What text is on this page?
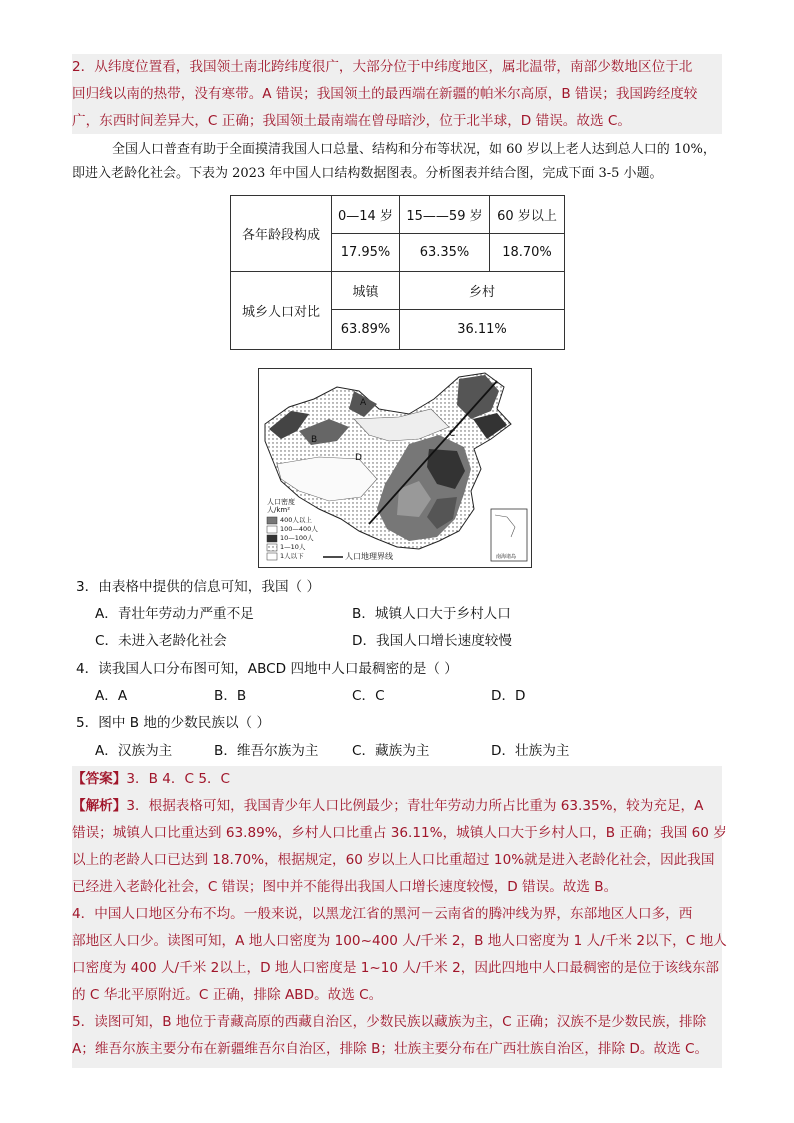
2．从纬度位置看，我国领土南北跨纬度很广，大部分位于中纬度地区，属北温带，南部少数地区位于北
回归线以南的热带，没有寒带。A 错误；我国领土的最西端在新疆的帕米尔高原，B 错误；我国跨经度较
广，东西时间差异大，C 正确；我国领土最南端在曾母暗沙，位于北半球，D 错误。故选 C。
全国人口普查有助于全面摸清我国人口总量、结构和分布等状况，如 60 岁以上老人达到总人口的 10%，
即进入老龄化社会。下表为 2023 年中国人口结构数据图表。分析图表并结合图，完成下面 3-5 小题。
各年龄段构成	0—14 岁	15——59 岁	60 岁以上
	17.95%	63.35%	18.70%
城乡人口对比	城镇	乡村	
	63.89%	36.11%	
A
B
C
D
人口密度
人/km²
400人以上
100—400人
10—100人
1—10人
1人以下	人口地理界线	南海诸岛
3．由表格中提供的信息可知，我国（ ）
A．青壮年劳动力严重不足	B．城镇人口大于乡村人口
C．未进入老龄化社会	D．我国人口增长速度较慢
4．读我国人口分布图可知，ABCD 四地中人口最稠密的是（ ）
A．A	B．B	C．C	D．D
5．图中 B 地的少数民族以（ ）
A．汉族为主	B．维吾尔族为主 C．藏族为主	D．壮族为主
【答案】3．B 4．C 5．C
【解析】3．根据表格可知，我国青少年人口比例最少；青壮年劳动力所占比重为 63.35%，较为充足，A
错误；城镇人口比重达到 63.89%，乡村人口比重占 36.11%，城镇人口大于乡村人口，B 正确；我国 60 岁
以上的老龄人口已达到 18.70%，根据规定，60 岁以上人口比重超过 10%就是进入老龄化社会，因此我国
已经进入老龄化社会，C 错误；图中并不能得出我国人口增长速度较慢，D 错误。故选 B。
4．中国人口地区分布不均。一般来说，以黑龙江省的黑河－云南省的腾冲线为界，东部地区人口多，西
部地区人口少。读图可知，A 地人口密度为 100~400 人/千米 2，B 地人口密度为 1 人/千米 2以下，C 地人
口密度为 400 人/千米 2以上，D 地人口密度是 1~10 人/千米 2，因此四地中人口最稠密的是位于该线东部
的 C 华北平原附近。C 正确，排除 ABD。故选 C。
5．读图可知，B 地位于青藏高原的西藏自治区，少数民族以藏族为主，C 正确；汉族不是少数民族，排除
A；维吾尔族主要分布在新疆维吾尔自治区，排除 B；壮族主要分布在广西壮族自治区，排除 D。故选 C。
